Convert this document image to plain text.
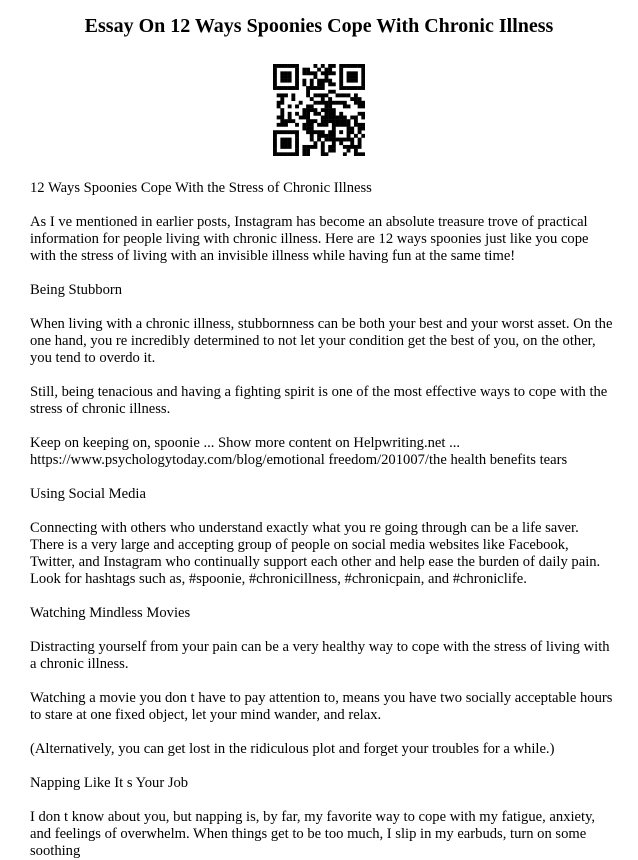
Essay On 12 Ways Spoonies Cope With Chronic Illness

12 Ways Spoonies Cope With the Stress of Chronic Illness

As I ve mentioned in earlier posts, Instagram has become an absolute treasure trove of practical information for people living with chronic illness. Here are 12 ways spoonies just like you cope with the stress of living with an invisible illness while having fun at the same time!

Being Stubborn

When living with a chronic illness, stubbornness can be both your best and your worst asset. On the one hand, you re incredibly determined to not let your condition get the best of you, on the other, you tend to overdo it.

Still, being tenacious and having a fighting spirit is one of the most effective ways to cope with the stress of chronic illness.

Keep on keeping on, spoonie ... Show more content on Helpwriting.net ...
https://www.psychologytoday.com/blog/emotional freedom/201007/the health benefits tears

Using Social Media

Connecting with others who understand exactly what you re going through can be a life saver. There is a very large and accepting group of people on social media websites like Facebook, Twitter, and Instagram who continually support each other and help ease the burden of daily pain.
Look for hashtags such as, #spoonie, #chronicillness, #chronicpain, and #chroniclife.

Watching Mindless Movies

Distracting yourself from your pain can be a very healthy way to cope with the stress of living with a chronic illness.

Watching a movie you don t have to pay attention to, means you have two socially acceptable hours to stare at one fixed object, let your mind wander, and relax.

(Alternatively, you can get lost in the ridiculous plot and forget your troubles for a while.)

Napping Like It s Your Job

I don t know about you, but napping is, by far, my favorite way to cope with my fatigue, anxiety, and feelings of overwhelm. When things get to be too much, I slip in my earbuds, turn on some soothing
